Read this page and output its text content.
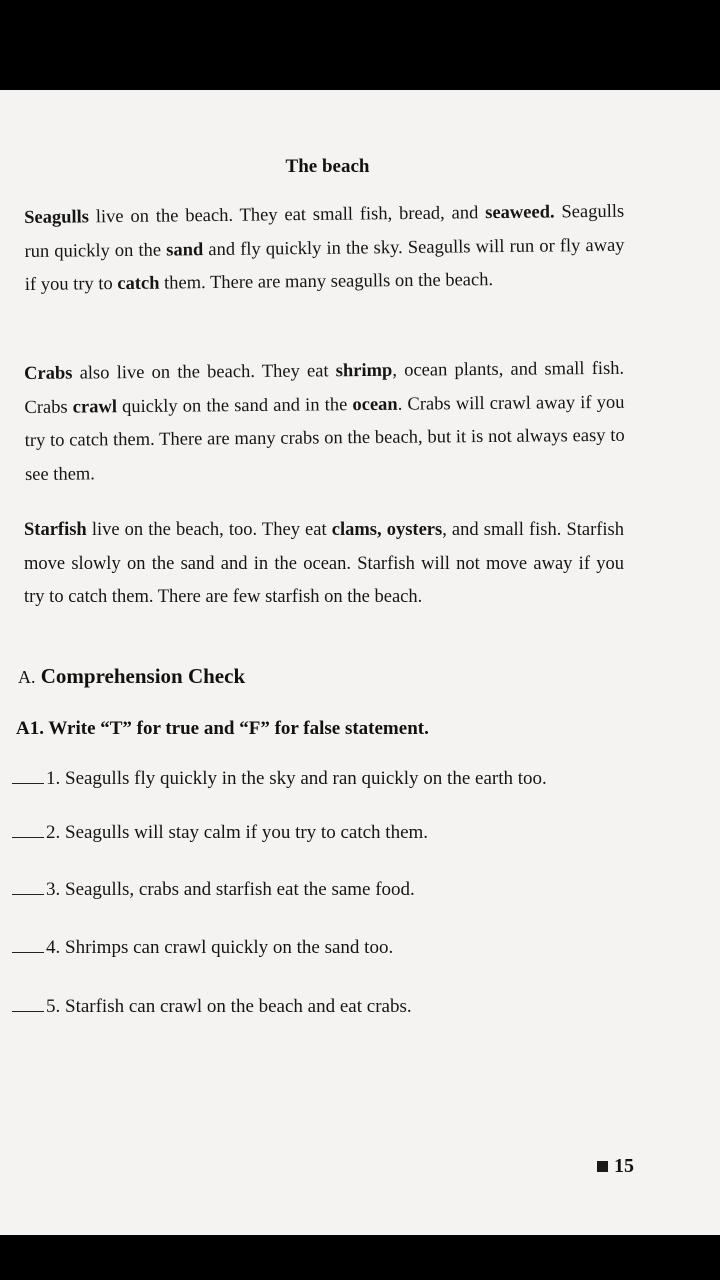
The beach
Seagulls live on the beach. They eat small fish, bread, and seaweed. Seagulls run quickly on the sand and fly quickly in the sky. Seagulls will run or fly away if you try to catch them. There are many seagulls on the beach.
Crabs also live on the beach. They eat shrimp, ocean plants, and small fish. Crabs crawl quickly on the sand and in the ocean. Crabs will crawl away if you try to catch them. There are many crabs on the beach, but it is not always easy to see them.
Starfish live on the beach, too. They eat clams, oysters, and small fish. Starfish move slowly on the sand and in the ocean. Starfish will not move away if you try to catch them. There are few starfish on the beach.
A. Comprehension Check
A1. Write “T” for true and “F” for false statement.
1. Seagulls fly quickly in the sky and ran quickly on the earth too.
2. Seagulls will stay calm if you try to catch them.
3. Seagulls, crabs and starfish eat the same food.
4. Shrimps can crawl quickly on the sand too.
5. Starfish can crawl on the beach and eat crabs.
15
